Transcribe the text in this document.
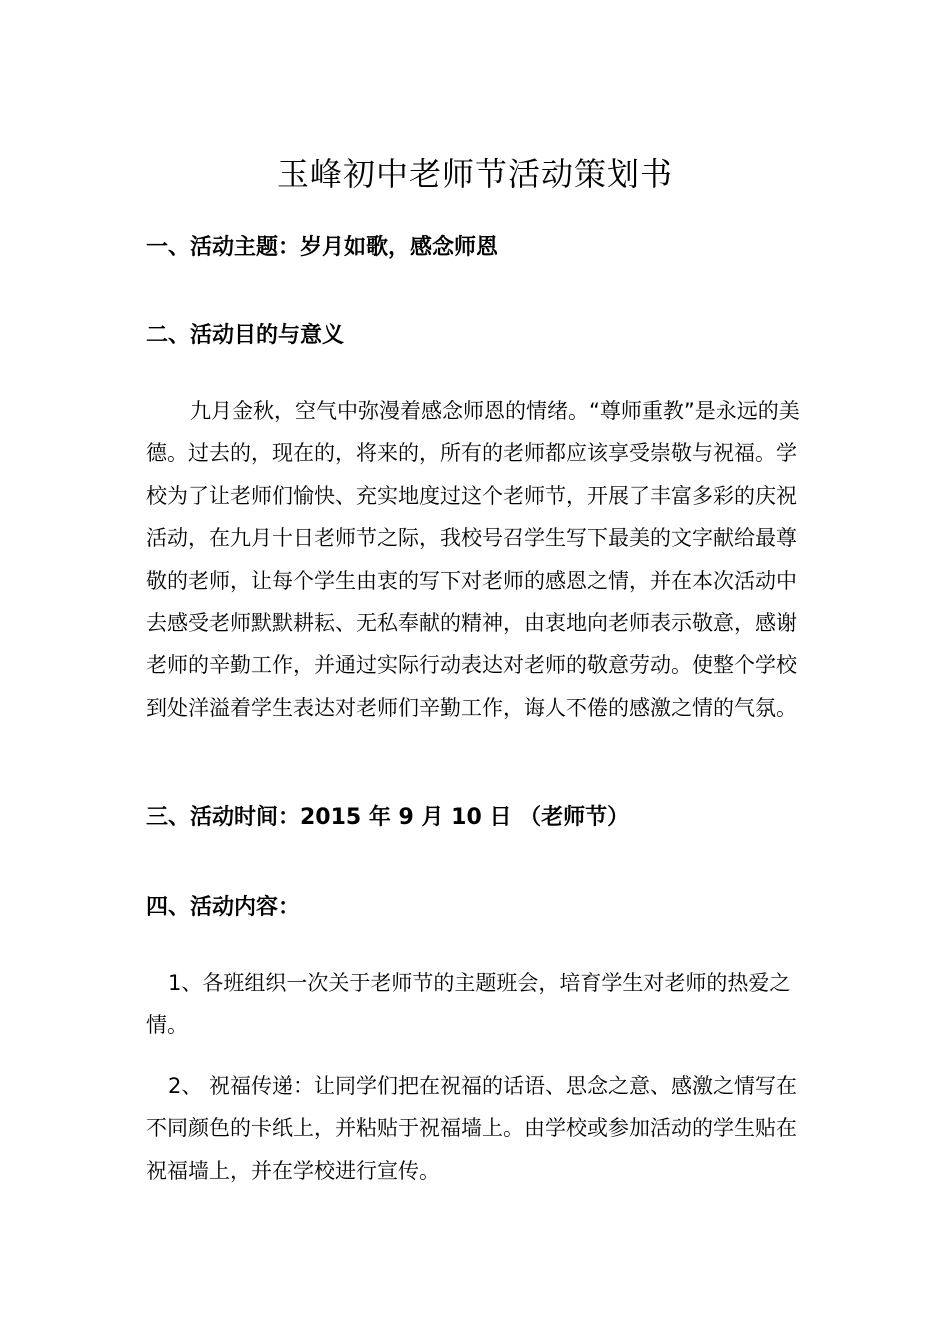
玉峰初中老师节活动策划书
一、活动主题：岁月如歌，感念师恩
二、活动目的与意义

九月金秋，空气中弥漫着感念师恩的情绪。“尊师重教”是永远的美德。过去的，现在的，将来的，所有的老师都应该享受崇敬与祝福。学校为了让老师们愉快、充实地度过这个老师节，开展了丰富多彩的庆祝活动，在九月十日老师节之际，我校号召学生写下最美的文字献给最尊敬的老师，让每个学生由衷的写下对老师的感恩之情，并在本次活动中去感受老师默默耕耘、无私奉献的精神，由衷地向老师表示敬意，感谢老师的辛勤工作，并通过实际行动表达对老师的敬意劳动。使整个学校到处洋溢着学生表达对老师们辛勤工作，诲人不倦的感激之情的气氛。

三、活动时间：2015 年 9 月 10 日 （老师节）
四、活动内容：

1、各班组织一次关于老师节的主题班会，培育学生对老师的热爱之情。

2、 祝福传递：让同学们把在祝福的话语、思念之意、感激之情写在不同颜色的卡纸上，并粘贴于祝福墙上。由学校或参加活动的学生贴在祝福墙上，并在学校进行宣传。
